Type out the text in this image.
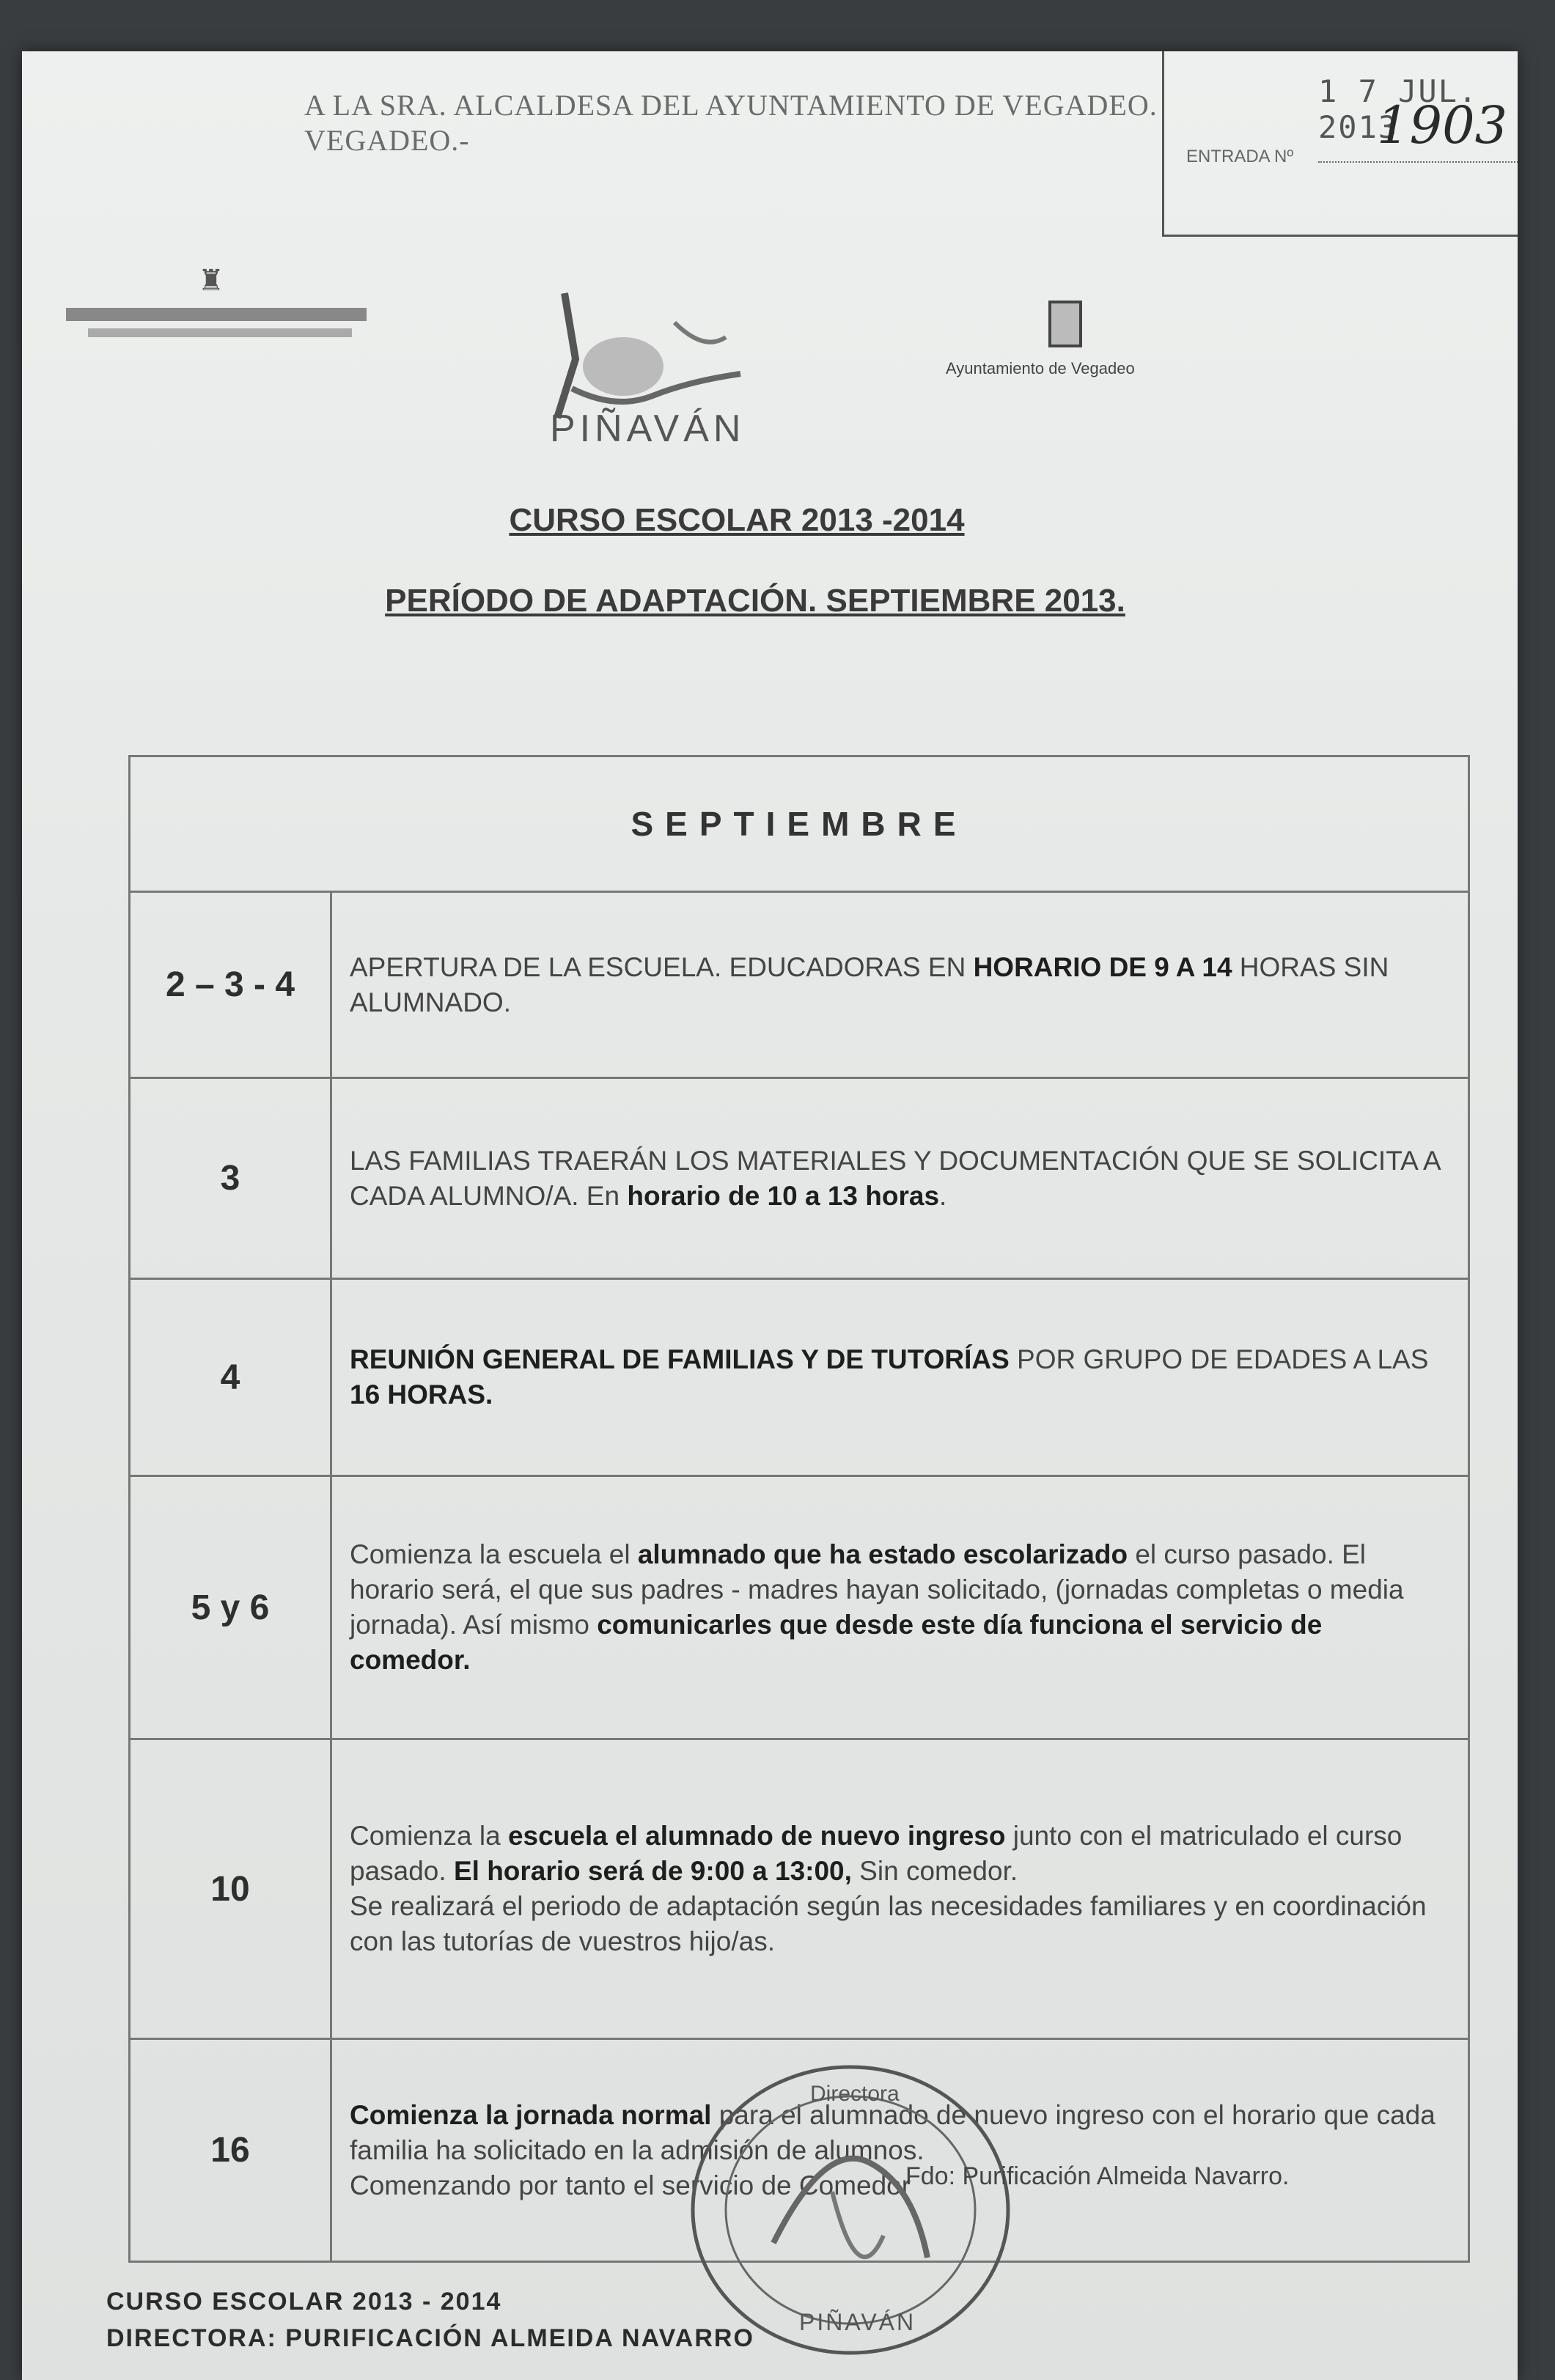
1 7 JUL. 2013
ENTRADA Nº
1903
A LA SRA. ALCALDESA DEL AYUNTAMIENTO DE VEGADEO.
VEGADEO.-
♜
PIÑAVÁN
Ayuntamiento de Vegadeo
CURSO ESCOLAR 2013 -2014
PERÍODO DE ADAPTACIÓN. SEPTIEMBRE 2013.
SEPTIEMBRE	
2 – 3 - 4	APERTURA DE LA ESCUELA. EDUCADORAS EN HORARIO DE 9 A 14 HORAS SIN ALUMNADO.
3	LAS FAMILIAS TRAERÁN LOS MATERIALES Y DOCUMENTACIÓN QUE SE SOLICITA A CADA ALUMNO/A. En horario de 10 a 13 horas.
4	REUNIÓN GENERAL DE FAMILIAS Y DE TUTORÍAS POR GRUPO DE EDADES A LAS 16 HORAS.
5 y 6	Comienza la escuela el alumnado que ha estado escolarizado el curso pasado. El horario será, el que sus padres - madres hayan solicitado, (jornadas completas o media jornada). Así mismo comunicarles que desde este día funciona el servicio de comedor.
10	Comienza la escuela el alumnado de nuevo ingreso junto con el matriculado el curso pasado. El horario será de 9:00 a 13:00, Sin comedor.
Se realizará el periodo de adaptación según las necesidades familiares y en coordinación con las tutorías de vuestros hijo/as.
16	Comienza la jornada normal para el alumnado de nuevo ingreso con el horario que cada familia ha solicitado en la admisión de alumnos.
Comenzando por tanto el servicio de Comedor
Directora
PIÑAVÁN
Fdo: Purificación Almeida Navarro.
CURSO ESCOLAR 2013 - 2014
DIRECTORA: PURIFICACIÓN ALMEIDA NAVARRO
